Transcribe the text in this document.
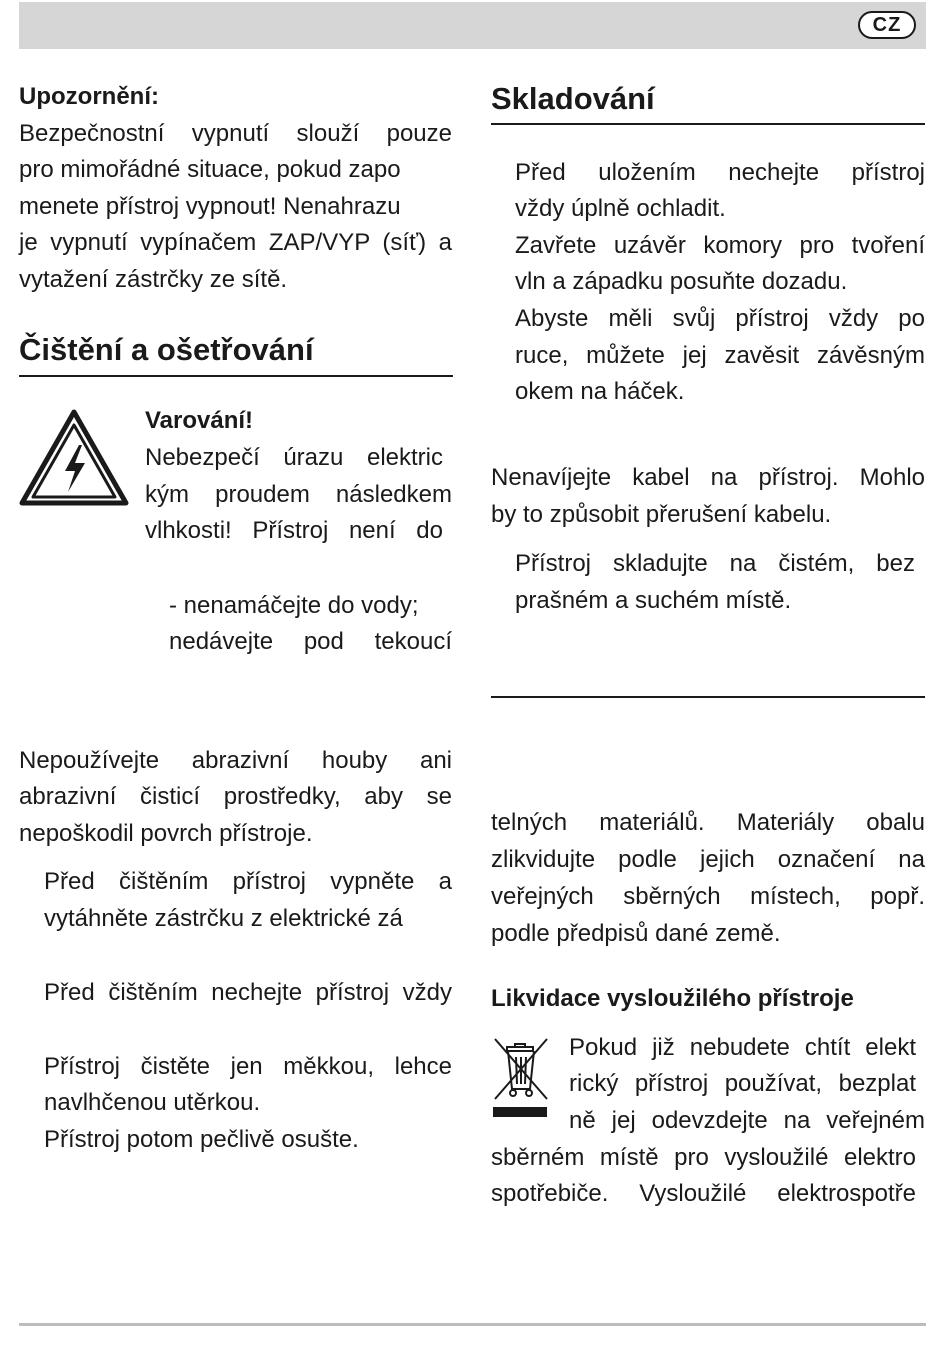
CZ

Upozornění:

Bezpečnostní vypnutí slouží pouze

pro mimořádné situace, pokud zapo

menete přístroj vypnout! Nenahrazu

je vypnutí vypínačem ZAP/VYP (síť) a

vytažení zástrčky ze sítě.

Čištění a ošetřování

Varování!

Nebezpečí úrazu elektric

kým proudem následkem

vlhkosti! Přístroj není do

- nenamáčejte do vody;

nedávejte pod tekoucí

Nepoužívejte abrazivní houby ani

abrazivní čisticí prostředky, aby se

nepoškodil povrch přístroje.

Před čištěním přístroj vypněte a

vytáhněte zástrčku z elektrické zá

Před čištěním nechejte přístroj vždy

Přístroj čistěte jen měkkou, lehce

navlhčenou utěrkou.

Přístroj potom pečlivě osušte.

Skladování

Před uložením nechejte přístroj

vždy úplně ochladit.

Zavřete uzávěr komory pro tvoření

vln a západku posuňte dozadu.

Abyste měli svůj přístroj vždy po

ruce, můžete jej zavěsit závěsným

okem na háček.

Nenavíjejte kabel na přístroj. Mohlo

by to způsobit přerušení kabelu.

Přístroj skladujte na čistém, bez

prašném a suchém místě.

telných materiálů. Materiály obalu

zlikvidujte podle jejich označení na

veřejných sběrných místech, popř.

podle předpisů dané země.

Likvidace vysloužilého přístroje

Pokud již nebudete chtít elekt

rický přístroj používat, bezplat

ně jej odevzdejte na veřejném

sběrném místě pro vysloužilé elektro

spotřebiče. Vysloužilé elektrospotře
